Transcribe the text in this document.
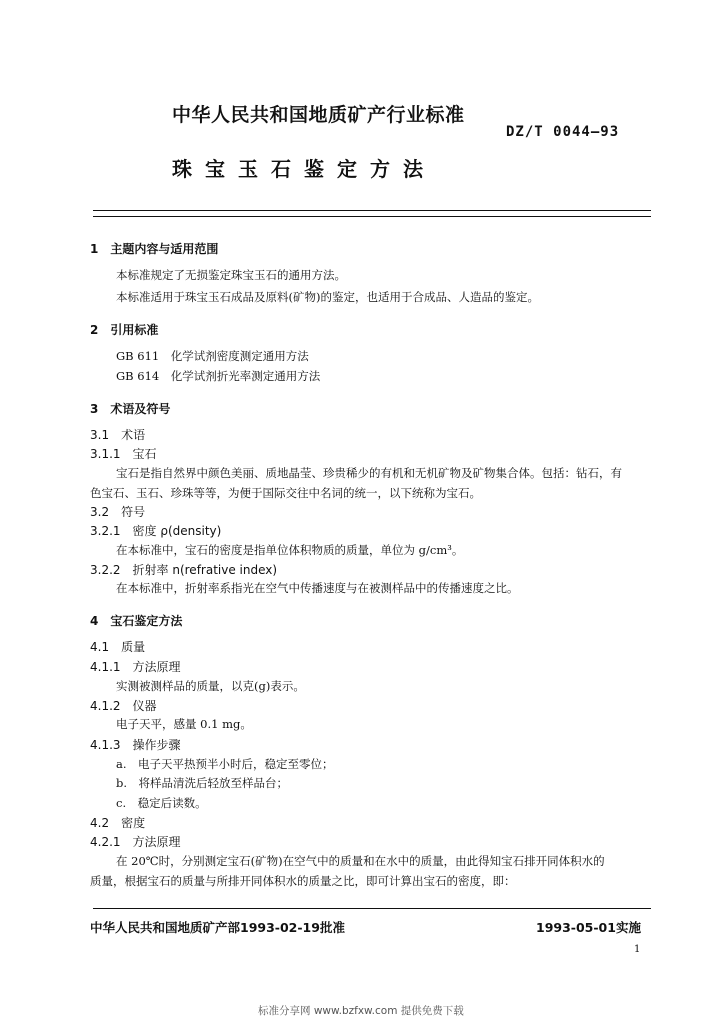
中华人民共和国地质矿产行业标准
DZ/T 0044—93
珠宝玉石鉴定方法
1　主题内容与适用范围
本标准规定了无损鉴定珠宝玉石的通用方法。
本标准适用于珠宝玉石成品及原料(矿物)的鉴定，也适用于合成品、人造品的鉴定。
2　引用标准
GB 611　化学试剂密度测定通用方法
GB 614　化学试剂折光率测定通用方法
3　术语及符号
3.1　术语
3.1.1　宝石
宝石是指自然界中颜色美丽、质地晶莹、珍贵稀少的有机和无机矿物及矿物集合体。包括：钻石，有
色宝石、玉石、珍珠等等，为便于国际交往中名词的统一，以下统称为宝石。
3.2　符号
3.2.1　密度 ρ(density)
在本标准中，宝石的密度是指单位体积物质的质量，单位为 g/cm³。
3.2.2　折射率 n(refrative index)
在本标准中，折射率系指光在空气中传播速度与在被测样品中的传播速度之比。
4　宝石鉴定方法
4.1　质量
4.1.1　方法原理
实测被测样品的质量，以克(g)表示。
4.1.2　仪器
电子天平，感量 0.1 mg。
4.1.3　操作步骤
a.　电子天平热预半小时后，稳定至零位；
b.　将样品清洗后轻放至样品台；
c.　稳定后读数。
4.2　密度
4.2.1　方法原理
在 20℃时，分别测定宝石(矿物)在空气中的质量和在水中的质量，由此得知宝石排开同体积水的
质量，根据宝石的质量与所排开同体积水的质量之比，即可计算出宝石的密度，即：
中华人民共和国地质矿产部1993-02-19批准	1993-05-01实施
1
标准分享网 www.bzfxw.com 提供免费下载
